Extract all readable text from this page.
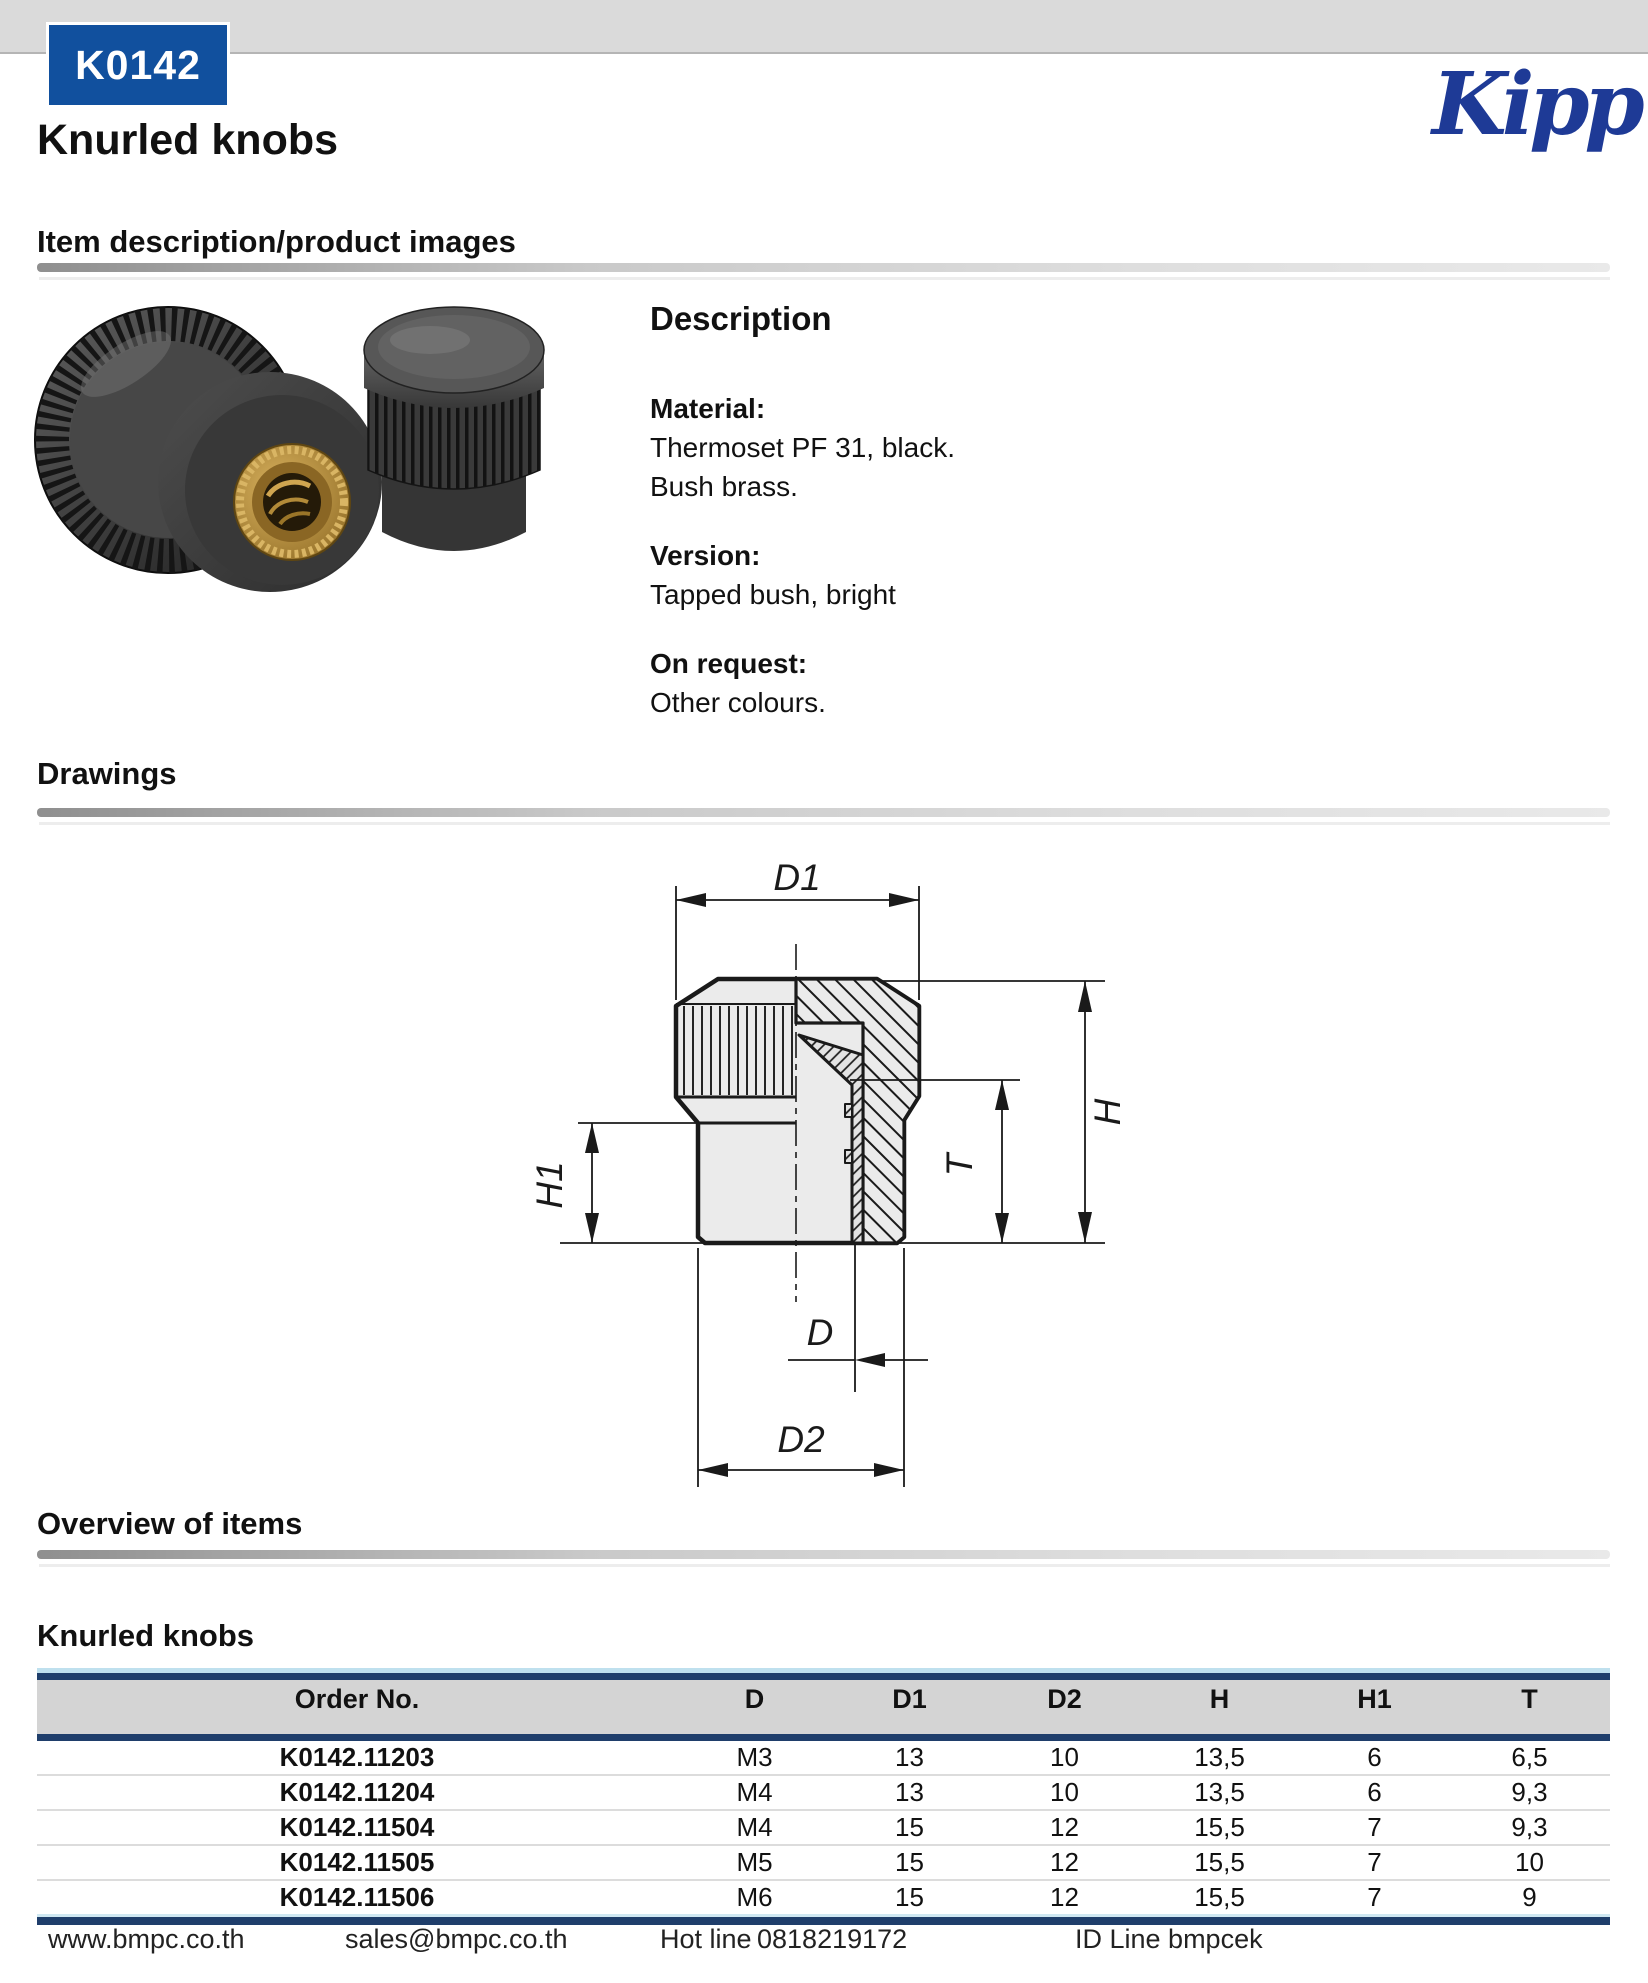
K0142	Kipp
Knurled knobs
Item description/product images
Description

Material:

Thermoset PF 31, black.

Bush brass.

Version:

Tapped bush, bright

On request:

Other colours.

Drawings
D1
H
T
H1
D
D2
Overview of items
Knurled knobs
Order No.	D	D1	D2	H	H1	T
K0142.11203	M3	13	10	13,5	6	6,5
K0142.11204	M4	13	10	13,5	6	9,3
K0142.11504	M4	15	12	15,5	7	9,3
K0142.11505	M5	15	12	15,5	7	10
K0142.11506	M6	15	12	15,5	7	9
www.bmpc.co.th	sales@bmpc.co.th	Hot line 0818219172	ID Line bmpcek
